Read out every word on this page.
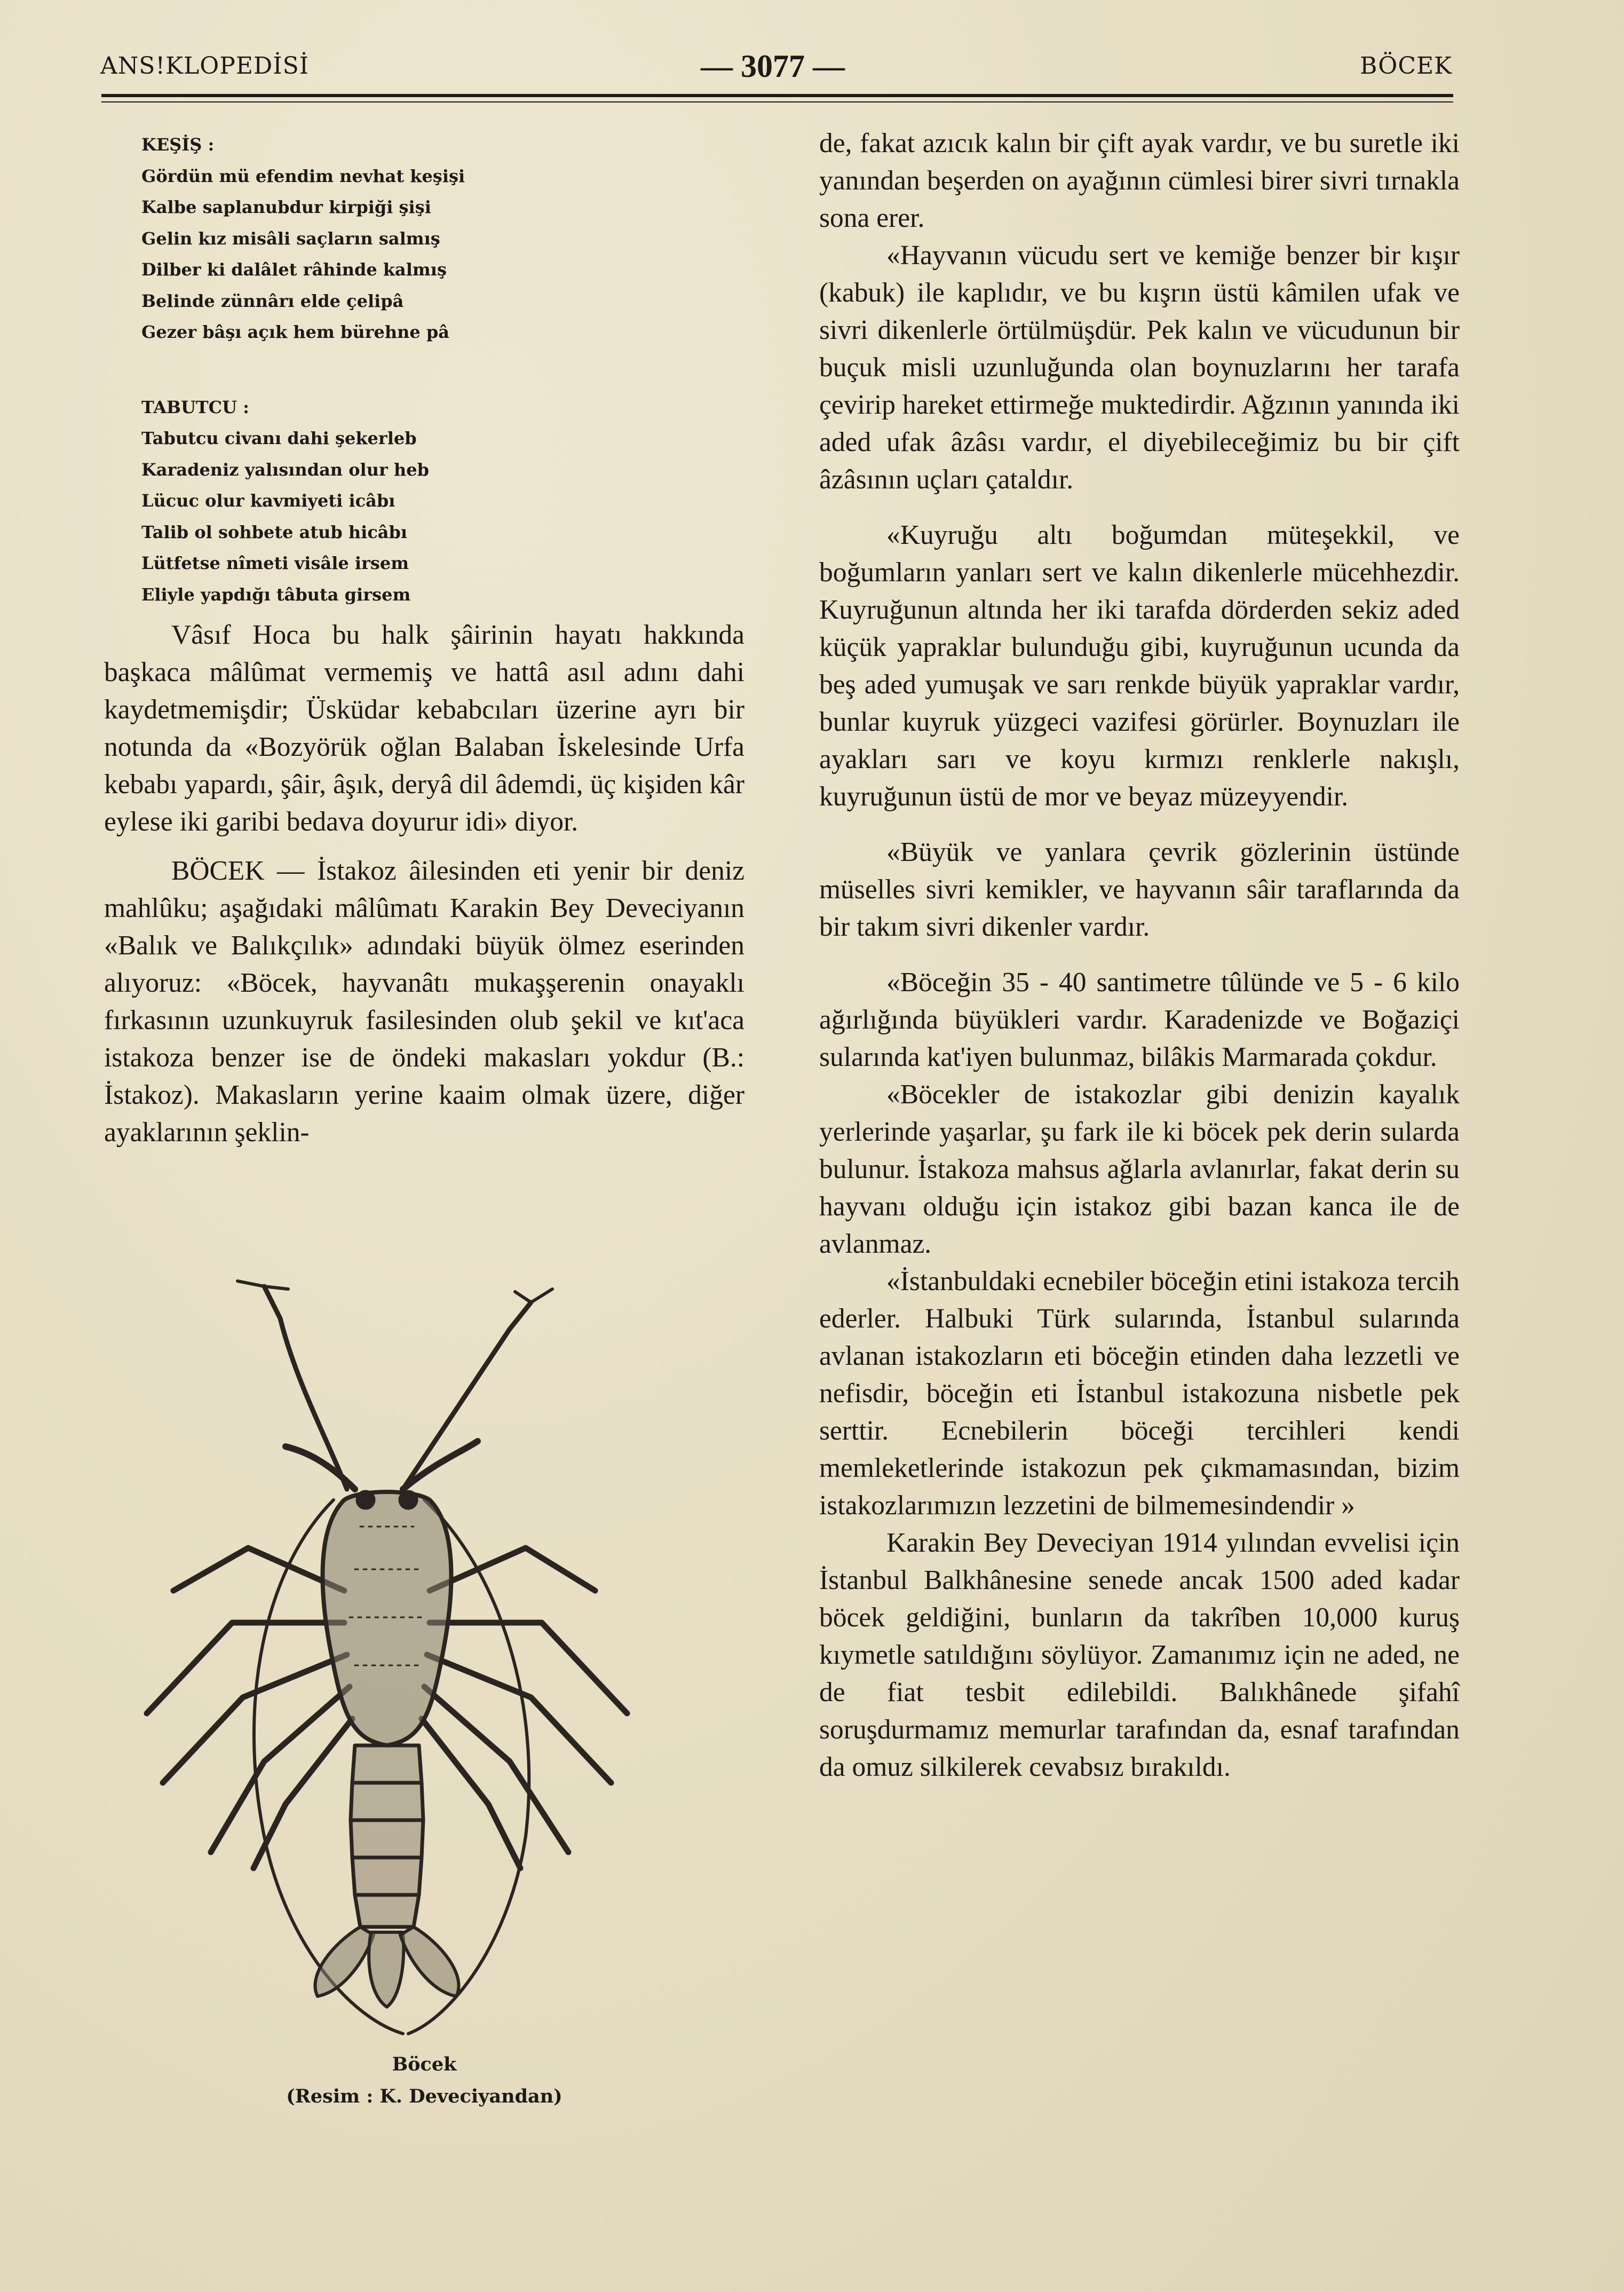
ANS!KLOPEDİSİ	— 3077 —	BÖCEK
KEŞİŞ :
Gördün mü efendim nevhat keşişi
Kalbe saplanubdur kirpiği şişi
Gelin kız misâli saçların salmış
Dilber ki dalâlet râhinde kalmış
Belinde zünnârı elde çelipâ
Gezer bâşı açık hem bürehne pâ
TABUTCU :
Tabutcu civanı dahi şekerleb
Karadeniz yalısından olur heb
Lücuc olur kavmiyeti icâbı
Talib ol sohbete atub hicâbı
Lütfetse nîmeti visâle irsem
Eliyle yapdığı tâbuta girsem

Vâsıf Hoca bu halk şâirinin hayatı hakkında başkaca mâlûmat vermemiş ve hattâ asıl adını dahi kaydetmemişdir; Üsküdar kebabcıları üzerine ayrı bir notunda da «Bozyörük oğlan Balaban İskelesinde Urfa kebabı yapardı, şâir, âşık, deryâ dil âdemdi, üç kişiden kâr eylese iki garibi bedava doyurur idi» diyor.

BÖCEK — İstakoz âilesinden eti yenir bir deniz mahlûku; aşağıdaki mâlûmatı Karakin Bey Deveciyanın «Balık ve Balıkçılık» adındaki büyük ölmez eserinden alıyoruz: «Böcek, hayvanâtı mukaşşerenin onayaklı fırkasının uzunkuyruk fasilesinden olub şekil ve kıt'aca istakoza benzer ise de öndeki makasları yokdur (B.: İstakoz). Makasların yerine kaaim olmak üzere, diğer ayaklarının şeklin-

Böcek
(Resim : K. Deveciyandan)

de, fakat azıcık kalın bir çift ayak vardır, ve bu suretle iki yanından beşerden on ayağının cümlesi birer sivri tırnakla sona erer.

«Hayvanın vücudu sert ve kemiğe benzer bir kışır (kabuk) ile kaplıdır, ve bu kışrın üstü kâmilen ufak ve sivri dikenlerle örtülmüşdür. Pek kalın ve vücudunun bir buçuk misli uzunluğunda olan boynuzlarını her tarafa çevirip hareket ettirmeğe muktedirdir. Ağzının yanında iki aded ufak âzâsı vardır, el diyebileceğimiz bu bir çift âzâsının uçları çataldır.

«Kuyruğu altı boğumdan müteşekkil, ve boğumların yanları sert ve kalın dikenlerle mücehhezdir. Kuyruğunun altında her iki tarafda dörderden sekiz aded küçük yapraklar bulunduğu gibi, kuyruğunun ucunda da beş aded yumuşak ve sarı renkde büyük yapraklar vardır, bunlar kuyruk yüzgeci vazifesi görürler. Boynuzları ile ayakları sarı ve koyu kırmızı renklerle nakışlı, kuyruğunun üstü de mor ve beyaz müzeyyendir.

«Büyük ve yanlara çevrik gözlerinin üstünde müselles sivri kemikler, ve hayvanın sâir taraflarında da bir takım sivri dikenler vardır.

«Böceğin 35 - 40 santimetre tûlünde ve 5 - 6 kilo ağırlığında büyükleri vardır. Karadenizde ve Boğaziçi sularında kat'iyen bulunmaz, bilâkis Marmarada çokdur.

«Böcekler de istakozlar gibi denizin kayalık yerlerinde yaşarlar, şu fark ile ki böcek pek derin sularda bulunur. İstakoza mahsus ağlarla avlanırlar, fakat derin su hayvanı olduğu için istakoz gibi bazan kanca ile de avlanmaz.

«İstanbuldaki ecnebiler böceğin etini istakoza tercih ederler. Halbuki Türk sularında, İstanbul sularında avlanan istakozların eti böceğin etinden daha lezzetli ve nefisdir, böceğin eti İstanbul istakozuna nisbetle pek serttir. Ecnebilerin böceği tercihleri kendi memleketlerinde istakozun pek çıkmamasından, bizim istakozlarımızın lezzetini de bilmemesindendir »

Karakin Bey Deveciyan 1914 yılından evvelisi için İstanbul Balkhânesine senede ancak 1500 aded kadar böcek geldiğini, bunların da takrîben 10,000 kuruş kıymetle satıldığını söylüyor. Zamanımız için ne aded, ne de fiat tesbit edilebildi. Balıkhânede şifahî soruşdurmamız memurlar tarafından da, esnaf tarafından da omuz silkilerek cevabsız bırakıldı.
